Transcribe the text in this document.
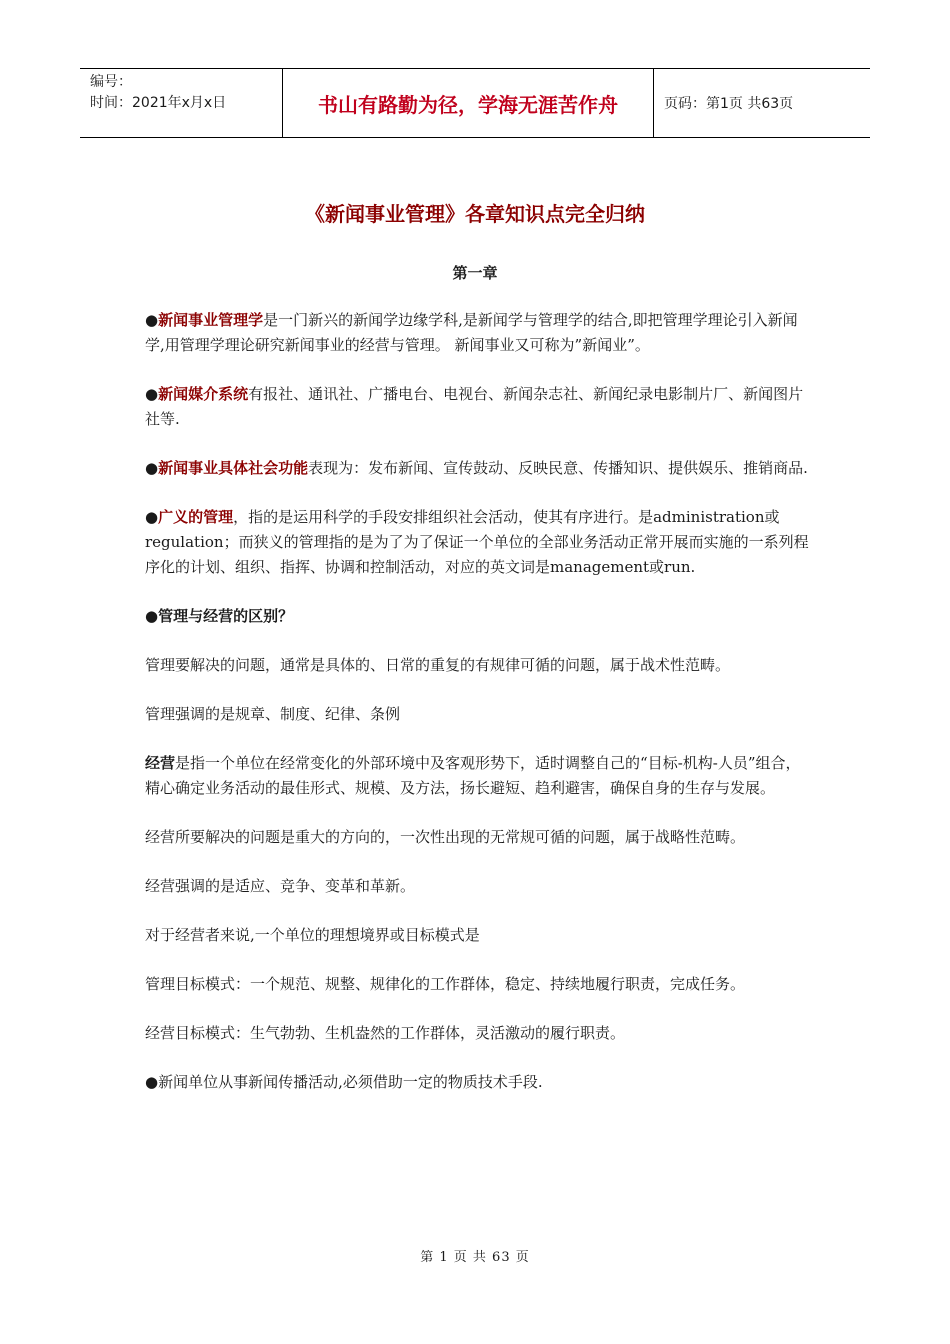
编号：
时间：2021年x月x日	书山有路勤为径，学海无涯苦作舟	页码：第1页 共63页
《新闻事业管理》各章知识点完全归纳
第一章

●新闻事业管理学是一门新兴的新闻学边缘学科,是新闻学与管理学的结合,即把管理学理论引入新闻学,用管理学理论研究新闻事业的经营与管理。 新闻事业又可称为”新闻业”。

●新闻媒介系统有报社、通讯社、广播电台、电视台、新闻杂志社、新闻纪录电影制片厂、新闻图片社等.

●新闻事业具体社会功能表现为：发布新闻、宣传鼓动、反映民意、传播知识、提供娱乐、推销商品.

●广义的管理，指的是运用科学的手段安排组织社会活动，使其有序进行。是administration或regulation；而狭义的管理指的是为了为了保证一个单位的全部业务活动正常开展而实施的一系列程序化的计划、组织、指挥、协调和控制活动，对应的英文词是management或run.

●管理与经营的区别？

管理要解决的问题，通常是具体的、日常的重复的有规律可循的问题，属于战术性范畴。

管理强调的是规章、制度、纪律、条例

经营是指一个单位在经常变化的外部环境中及客观形势下，适时调整自己的“目标-机构-人员”组合，精心确定业务活动的最佳形式、规模、及方法，扬长避短、趋利避害，确保自身的生存与发展。

经营所要解决的问题是重大的方向的，一次性出现的无常规可循的问题，属于战略性范畴。

经营强调的是适应、竞争、变革和革新。

对于经营者来说,一个单位的理想境界或目标模式是

管理目标模式：一个规范、规整、规律化的工作群体，稳定、持续地履行职责，完成任务。

经营目标模式：生气勃勃、生机盎然的工作群体，灵活激动的履行职责。

●新闻单位从事新闻传播活动,必须借助一定的物质技术手段.

第 1 页 共 63 页
